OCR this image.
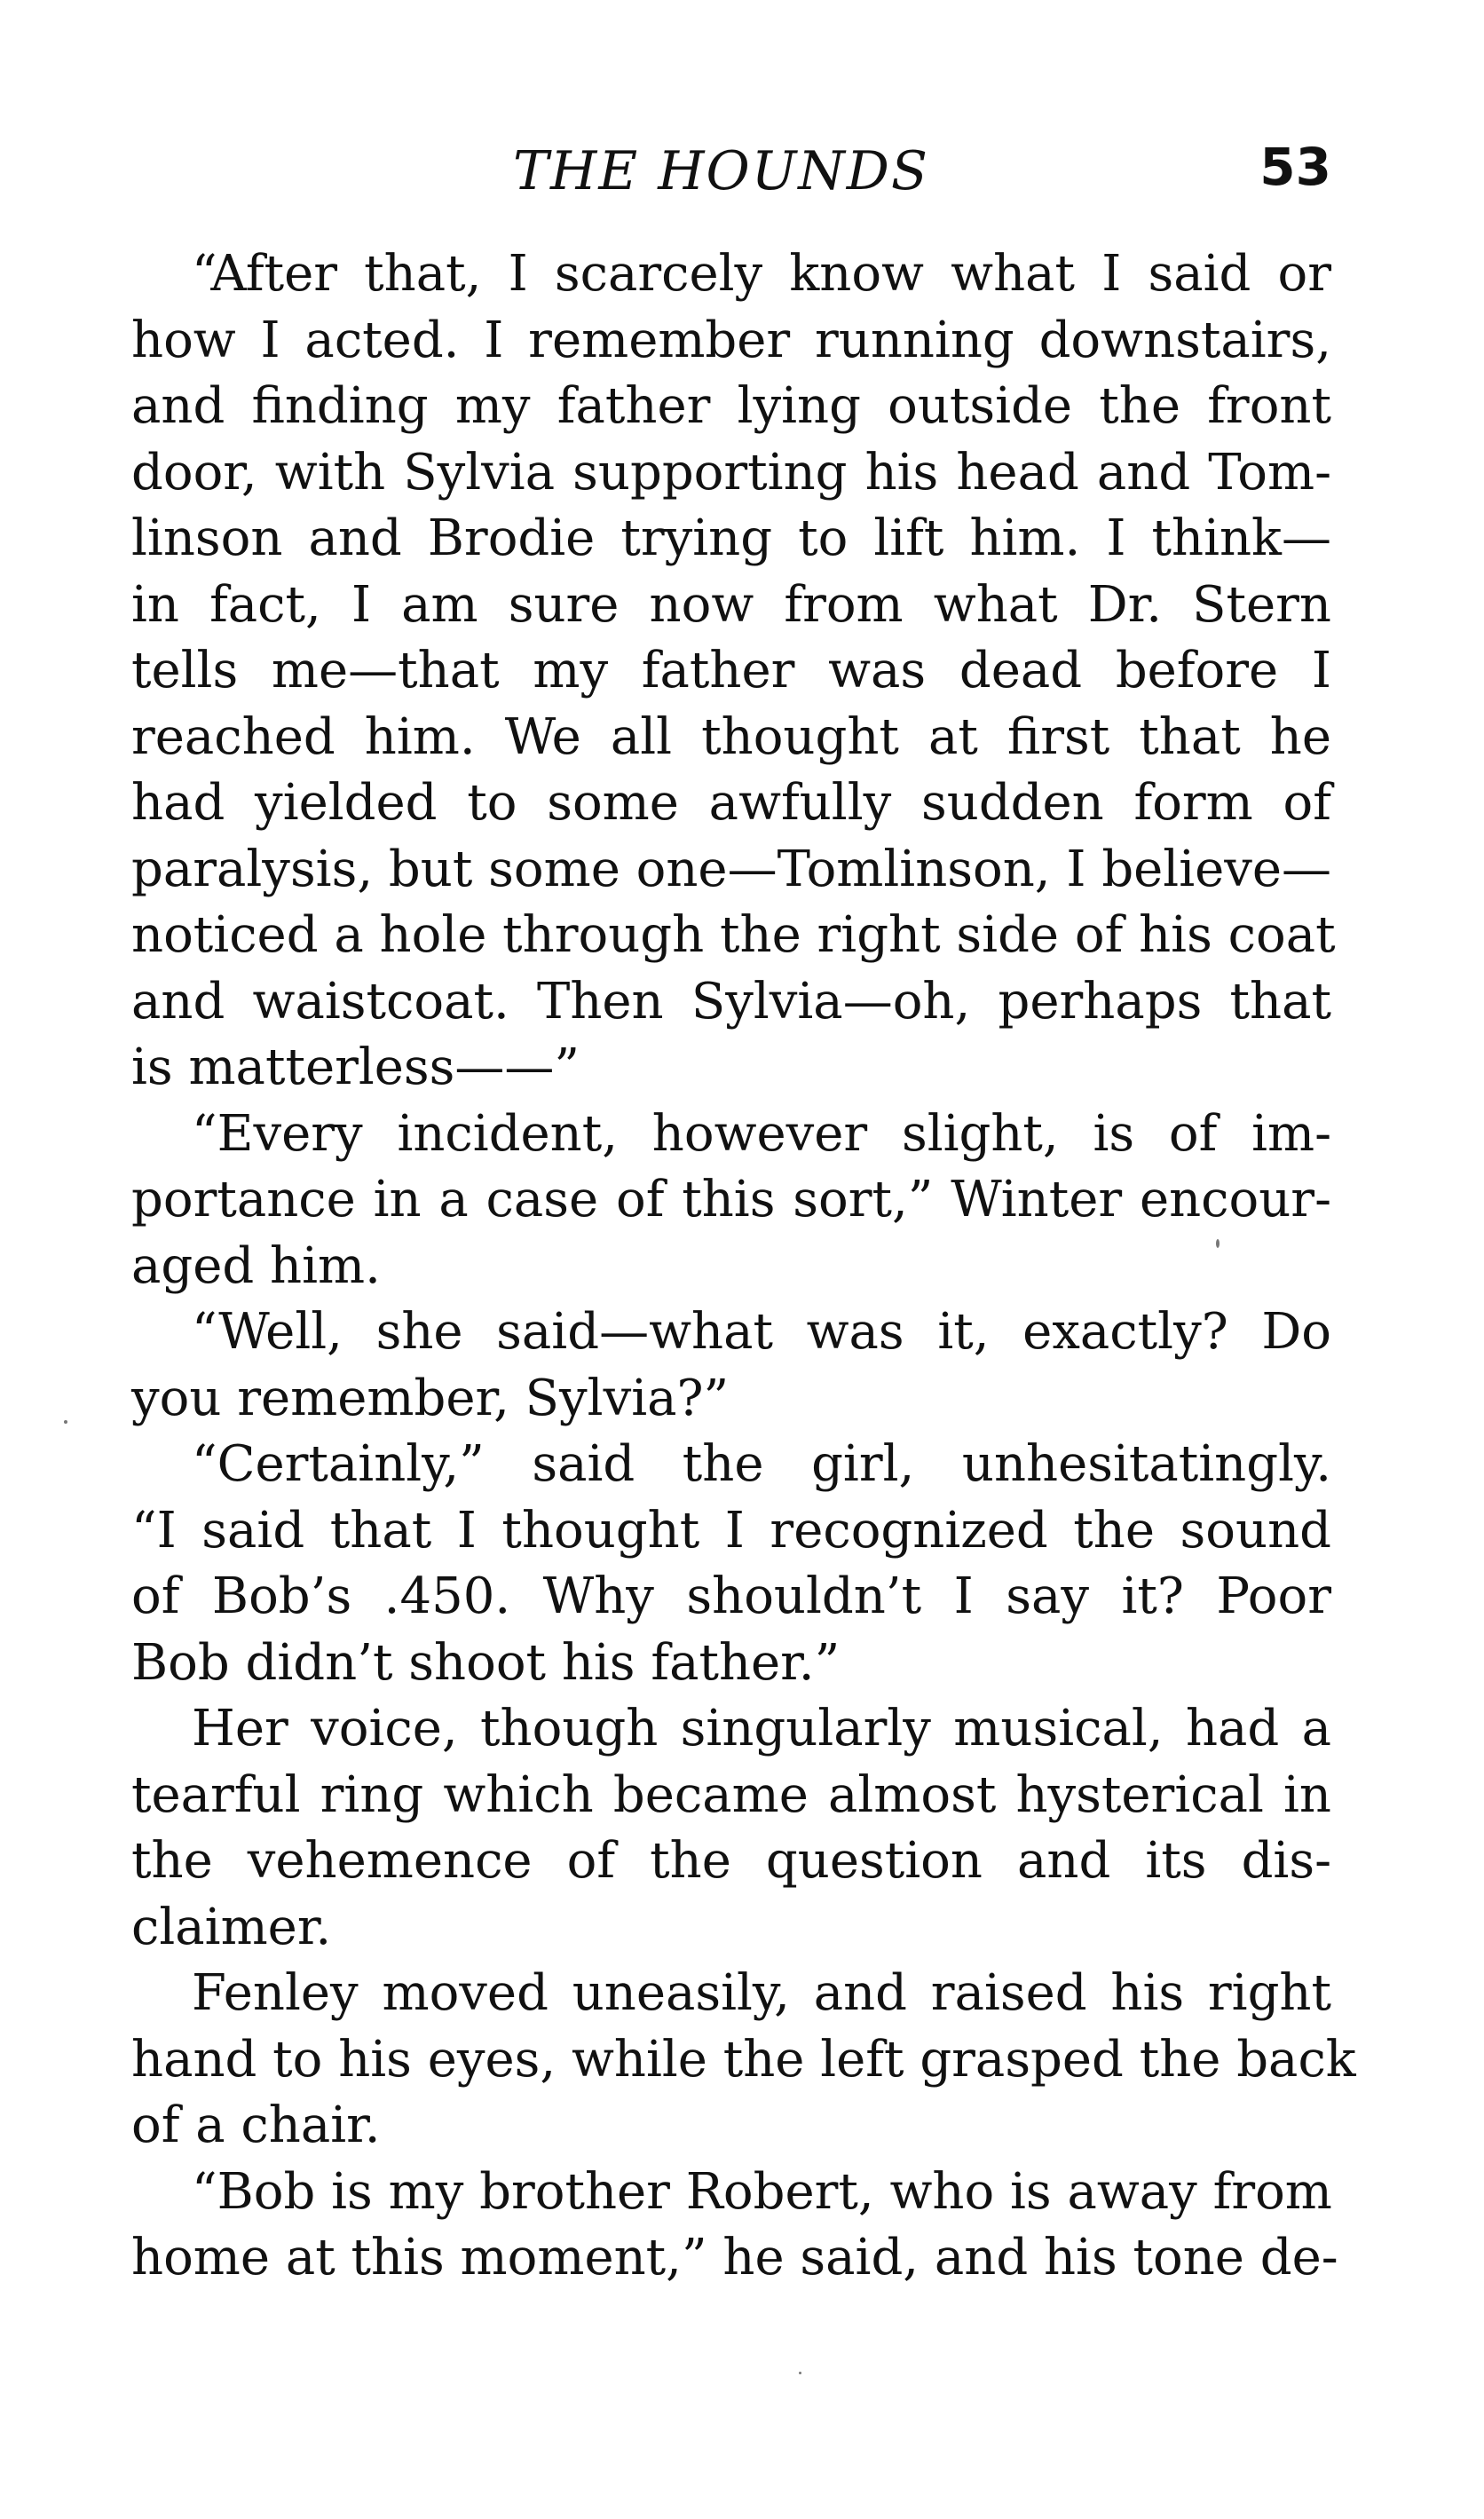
THE HOUNDS	53
“After that, I scarcely know what I said or
how I acted. I remember running downstairs,
and finding my father lying outside the front
door, with Sylvia supporting his head and Tom-
linson and Brodie trying to lift him. I think—
in fact, I am sure now from what Dr. Stern
tells me—that my father was dead before I
reached him. We all thought at first that he
had yielded to some awfully sudden form of
paralysis, but some one—Tomlinson, I believe—
noticed a hole through the right side of his coat
and waistcoat. Then Sylvia—oh, perhaps that
is matterless——”
“Every incident, however slight, is of im-
portance in a case of this sort,” Winter encour-
aged him.
“Well, she said—what was it, exactly? Do
you remember, Sylvia?”
“Certainly,” said the girl, unhesitatingly.
“I said that I thought I recognized the sound
of Bob’s .450. Why shouldn’t I say it? Poor
Bob didn’t shoot his father.”
Her voice, though singularly musical, had a
tearful ring which became almost hysterical in
the vehemence of the question and its dis-
claimer.
Fenley moved uneasily, and raised his right
hand to his eyes, while the left grasped the back
of a chair.
“Bob is my brother Robert, who is away from
home at this moment,” he said, and his tone de-
